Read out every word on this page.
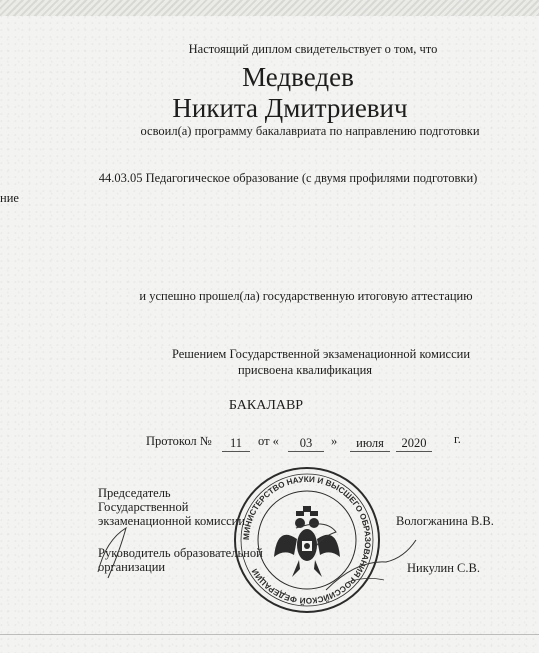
Настоящий диплом свидетельствует о том, что
Медведев
Никита Дмитриевич
освоил(а) программу бакалавриата по направлению подготовки
44.03.05 Педагогическое образование (с двумя профилями подготовки)
ние
и успешно прошел(ла) государственную итоговую аттестацию
Решением Государственной экзаменационной комиссии
присвоена квалификация
БАКАЛАВР
Протокол №	11	от «	03	»	июля	2020	г.
Председатель
Государственной
экзаменационной комиссии	Вологжанина В.В.
Руководитель образовательной
организации	Никулин С.В.
МИНИСТЕРСТВО НАУКИ И ВЫСШЕГО ОБРАЗОВАНИЯ РОССИЙСКОЙ ФЕДЕРАЦИИ
